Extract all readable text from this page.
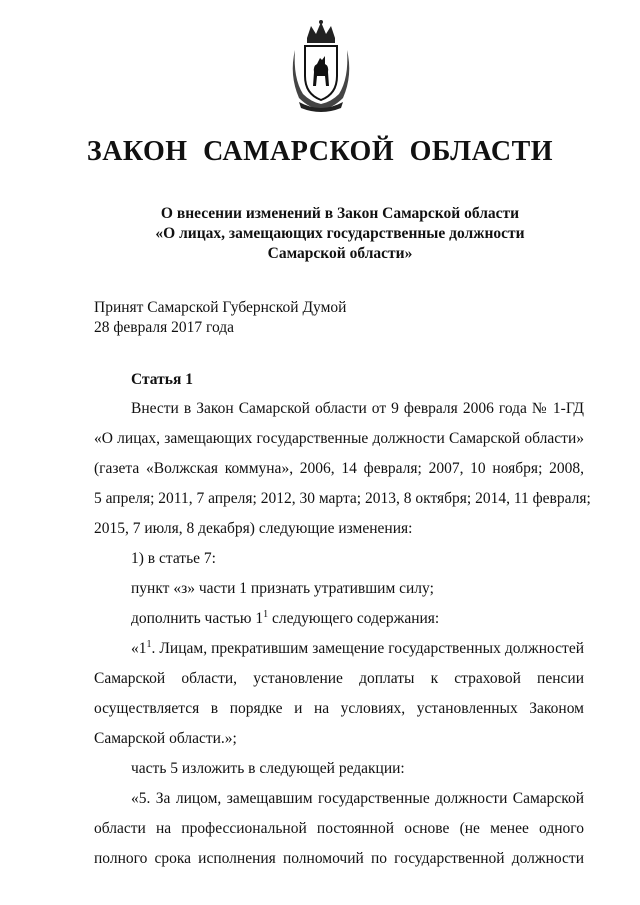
ЗАКОН САМАРСКОЙ ОБЛАСТИ
О внесении изменений в Закон Самарской области
«О лицах, замещающих государственные должности
Самарской области»
Принят Самарской Губернской Думой
28 февраля 2017 года
Статья 1
Внести в Закон Самарской области от 9 февраля 2006 года № 1-ГД
«О лицах, замещающих государственные должности Самарской области»
(газета «Волжская коммуна», 2006, 14 февраля; 2007, 10 ноября; 2008,
5 апреля; 2011, 7 апреля; 2012, 30 марта; 2013, 8 октября; 2014, 11 февраля;
2015, 7 июля, 8 декабря) следующие изменения:
1) в статье 7:
пункт «з» части 1 признать утратившим силу;
дополнить частью $1^1$ следующего содержания:
«$1^1$. Лицам, прекратившим замещение государственных должностей
Самарской области, установление доплаты к страховой пенсии
осуществляется в порядке и на условиях, установленных Законом
Самарской области.»;
часть 5 изложить в следующей редакции:
«5. За лицом, замещавшим государственные должности Самарской
области на профессиональной постоянной основе (не менее одного
полного срока исполнения полномочий по государственной должности
